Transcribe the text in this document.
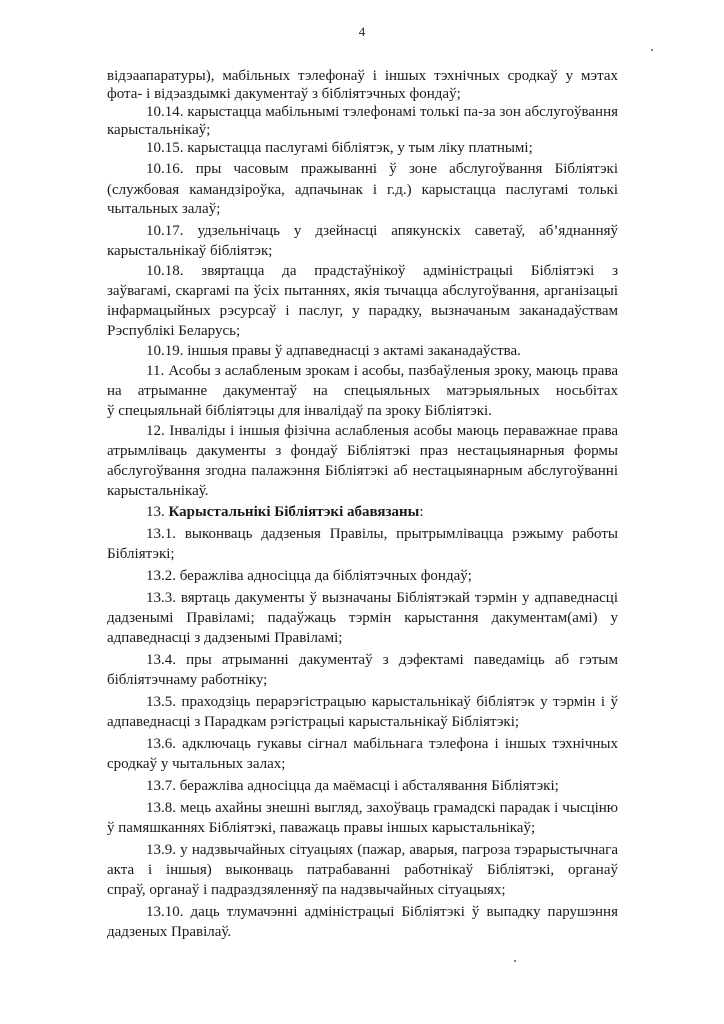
4
відэаапаратуры), мабільных тэлефонаў і іншых тэхнічных сродкаў у мэтах
фота- і відэаздымкі дакументаў з бібліятэчных фондаў;
10.14. карыстацца мабільнымі тэлефонамі толькі па-за зон абслугоўвання
карыстальнікаў;
10.15. карыстацца паслугамі бібліятэк, у тым ліку платнымі;
10.16. пры часовым пражыванні ў зоне абслугоўвання Бібліятэкі
(службовая камандзіроўка, адпачынак і г.д.) карыстацца паслугамі толькі
чытальных залаў;
10.17. удзельнічаць у дзейнасці апякунскіх саветаў, аб’яднанняў
карыстальнікаў бібліятэк;
10.18. звяртацца да прадстаўнікоў адміністрацыі Бібліятэкі з
заўвагамі, скаргамі па ўсіх пытаннях, якія тычацца абслугоўвання, арганізацыі
інфармацыйных рэсурсаў і паслуг, у парадку, вызначаным заканадаўствам
Рэспублікі Беларусь;
10.19. іншыя правы ў адпаведнасці з актамі заканадаўства.
11. Асобы з аслабленым зрокам і асобы, пазбаўленыя зроку, маюць права
на атрыманне дакументаў на спецыяльных матэрыяльных носьбітах
ў спецыяльнай бібліятэцы для інвалідаў па зроку Бібліятэкі.
12. Інваліды і іншыя фізічна аслабленыя асобы маюць пераважнае права
атрымліваць дакументы з фондаў Бібліятэкі праз нестацыянарныя формы
абслугоўвання згодна палажэння Бібліятэкі аб нестацыянарным абслугоўванні
карыстальнікаў.
13. Карыстальнікі Бібліятэкі абавязаны:
13.1. выконваць дадзеныя Правілы, прытрымлівацца рэжыму работы
Бібліятэкі;
13.2. беражліва адносіцца да бібліятэчных фондаў;
13.3. вяртаць дакументы ў вызначаны Бібліятэкай тэрмін у адпаведнасці
дадзенымі Правіламі; падаўжаць тэрмін карыстання дакументам(амі) у
адпаведнасці з дадзенымі Правіламі;
13.4. пры атрыманні дакументаў з дэфектамі паведаміць аб гэтым
бібліятэчнаму работніку;
13.5. праходзіць перарэгістрацыю карыстальнікаў бібліятэк у тэрмін і ў
адпаведнасці з Парадкам рэгістрацыі карыстальнікаў Бібліятэкі;
13.6. адключаць гукавы сігнал мабільнага тэлефона і іншых тэхнічных
сродкаў у чытальных залах;
13.7. беражліва адносіцца да маёмасці і абсталявання Бібліятэкі;
13.8. мець ахайны знешні выгляд, захоўваць грамадскі парадак і чысціню
ў памяшканнях Бібліятэкі, паважаць правы іншых карыстальнікаў;
13.9. у надзвычайных сітуацыях (пажар, аварыя, пагроза тэрарыстычнага
акта і іншыя) выконваць патрабаванні работнікаў Бібліятэкі, органаў
спраў, органаў і падраздзяленняў па надзвычайных сітуацыях;
13.10. даць тлумачэнні адміністрацыі Бібліятэкі ў выпадку парушэння
дадзеных Правілаў.
